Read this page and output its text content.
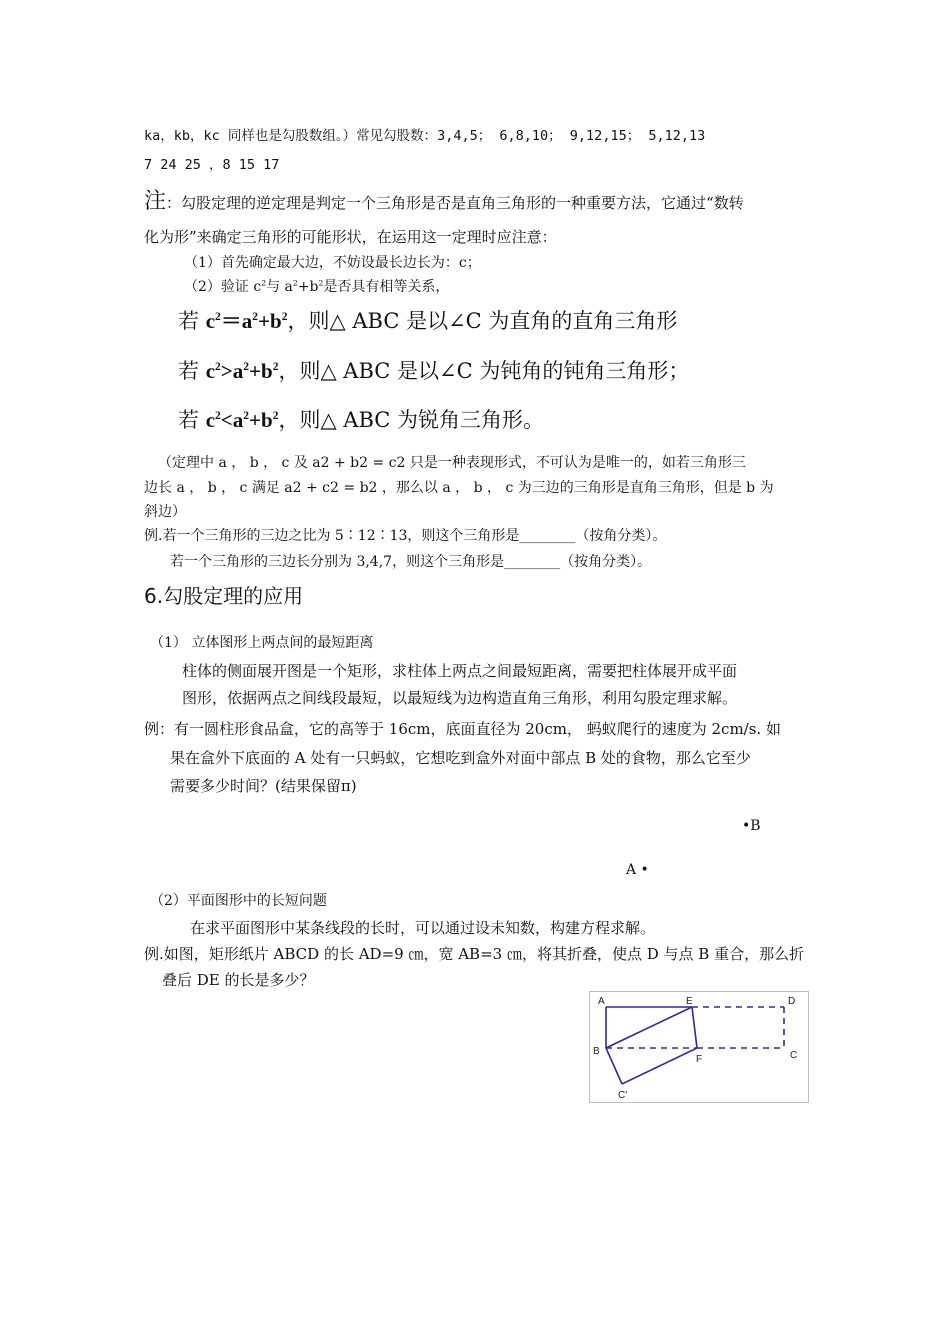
ka，kb，kc 同样也是勾股数组。）常见勾股数：3,4,5； 6,8,10； 9,12,15； 5,12,13
7 24 25 ，8 15 17
注：勾股定理的逆定理是判定一个三角形是否是直角三角形的一种重要方法，它通过“数转
化为形”来确定三角形的可能形状，在运用这一定理时应注意：
（1）首先确定最大边，不妨设最长边长为：c；
（2）验证 $c^2$与 $a^2+b^2$是否具有相等关系，
若 $c^2=a^2+b^2$，则△ ABC 是以∠C 为直角的直角三角形
若 $c^2>a^2+b^2$，则△ ABC 是以∠C 为钝角的钝角三角形；
若 $c^2<a^2+b^2$，则△ ABC 为锐角三角形。
（定理中 a ， b ， c 及 a2 + b2 = c2 只是一种表现形式，不可认为是唯一的，如若三角形三
边长 a ， b ， c 满足 a2 + c2 = b2 ，那么以 a ， b ， c 为三边的三角形是直角三角形，但是 b 为
斜边）
例.若一个三角形的三边之比为 5∶12∶13，则这个三角形是________（按角分类）。
若一个三角形的三边长分别为 3,4,7，则这个三角形是________（按角分类）。
6.勾股定理的应用
（1） 立体图形上两点间的最短距离
柱体的侧面展开图是一个矩形，求柱体上两点之间最短距离，需要把柱体展开成平面
图形，依据两点之间线段最短，以最短线为边构造直角三角形，利用勾股定理求解。
例：有一圆柱形食品盒，它的高等于 16cm，底面直径为 20cm， 蚂蚁爬行的速度为 2cm/s. 如
果在盒外下底面的 A 处有一只蚂蚁，它想吃到盒外对面中部点 B 处的食物，那么它至少
需要多少时间？(结果保留π)
•B
A •
（2）平面图形中的长短问题
在求平面图形中某条线段的长时，可以通过设未知数，构建方程求解。
例.如图，矩形纸片 ABCD 的长 AD=9 ㎝，宽 AB=3 ㎝，将其折叠，使点 D 与点 B 重合，那么折
叠后 DE 的长是多少？
A	E	D
B
F	C
C'
